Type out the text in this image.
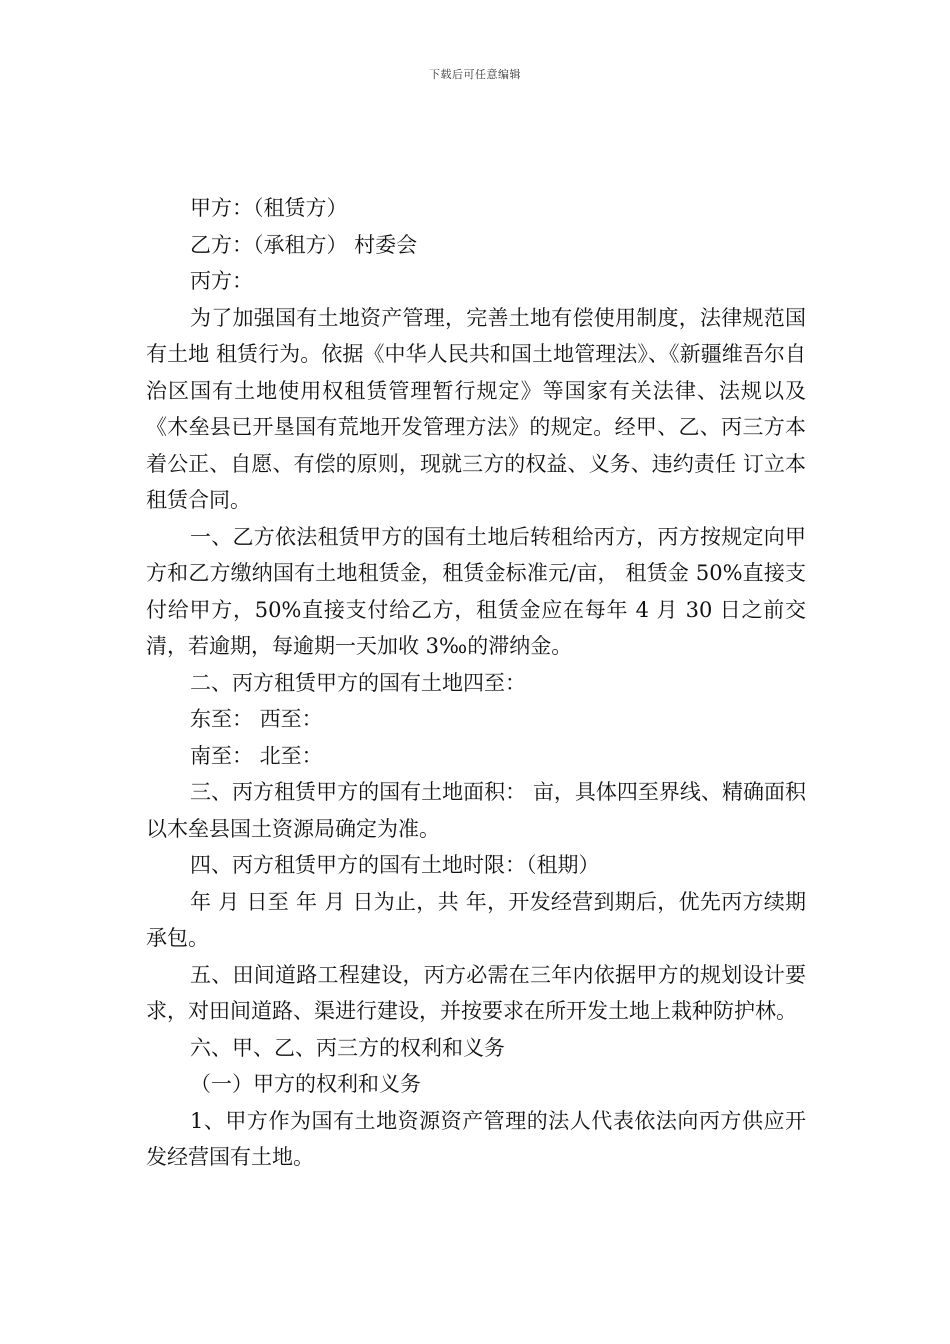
下载后可任意编辑

甲方：（租赁方）

乙方：（承租方） 村委会

丙方：

为了加强国有土地资产管理，完善土地有偿使用制度，法律规范国有土地 租赁行为。依据《中华人民共和国土地管理法》、《新疆维吾尔自治区国有土地使用权租赁管理暂行规定》等国家有关法律、法规以及《木垒县已开垦国有荒地开发管理方法》的规定。经甲、乙、丙三方本着公正、自愿、有偿的原则，现就三方的权益、义务、违约责任 订立本租赁合同。

一、乙方依法租赁甲方的国有土地后转租给丙方，丙方按规定向甲方和乙方缴纳国有土地租赁金，租赁金标准元/亩， 租赁金 50%直接支付给甲方，50%直接支付给乙方，租赁金应在每年 4 月 30 日之前交清，若逾期，每逾期一天加收 3‰的滞纳金。

二、丙方租赁甲方的国有土地四至：

东至： 西至：

南至： 北至：

三、丙方租赁甲方的国有土地面积： 亩，具体四至界线、精确面积以木垒县国土资源局确定为准。

四、丙方租赁甲方的国有土地时限：（租期）

年 月 日至 年 月 日为止，共 年，开发经营到期后，优先丙方续期承包。

五、田间道路工程建设，丙方必需在三年内依据甲方的规划设计要求，对田间道路、渠进行建设，并按要求在所开发土地上栽种防护林。

六、甲、乙、丙三方的权利和义务

（一）甲方的权利和义务

1、甲方作为国有土地资源资产管理的法人代表依法向丙方供应开发经营国有土地。
